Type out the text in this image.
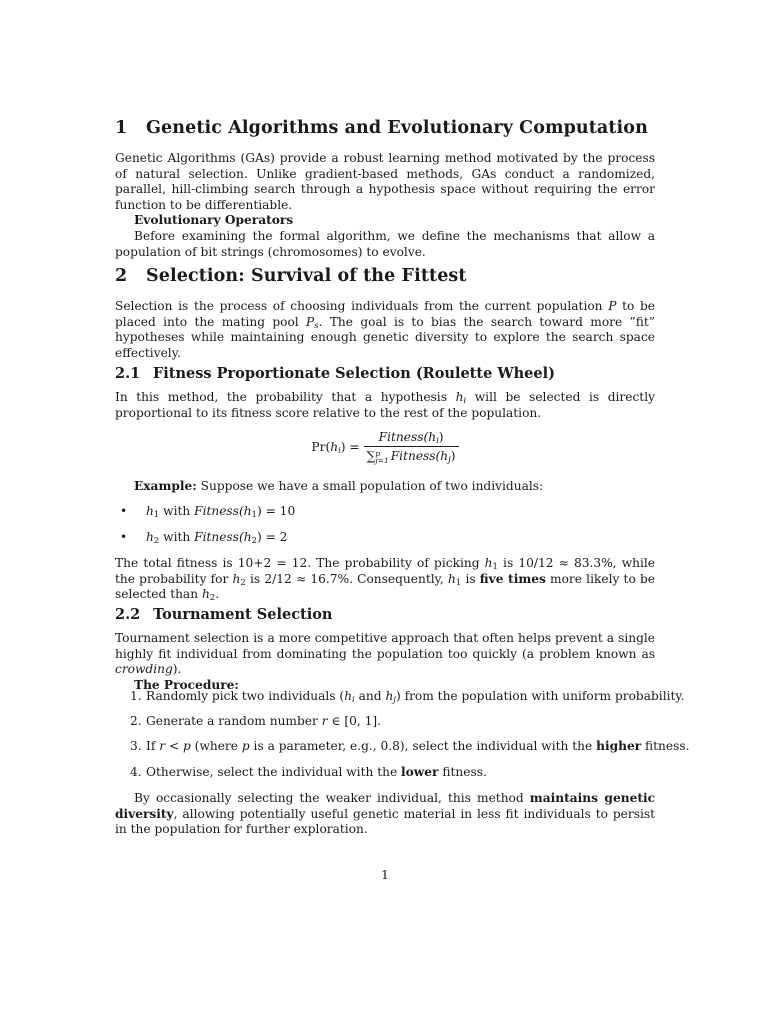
1 Genetic Algorithms and Evolutionary Computation

Genetic Algorithms (GAs) provide a robust learning method motivated by the process of natural selection. Unlike gradient-based methods, GAs conduct a randomized, parallel, hill-climbing search through a hypothesis space without requiring the error function to be differentiable.

Evolutionary Operators
Before examining the formal algorithm, we define the mechanisms that allow a population of bit strings (chromosomes) to evolve.

2 Selection: Survival of the Fittest

Selection is the process of choosing individuals from the current population P to be placed into the mating pool $P_s$. The goal is to bias the search toward more ”fit” hypotheses while maintaining enough genetic diversity to explore the search space effectively.

2.1 Fitness Proportionate Selection (Roulette Wheel)

In this method, the probability that a hypothesis $h_i$ will be selected is directly proportional to its fitness score relative to the rest of the population.

$Pr(h_i)$ = $Fitness(h_i)$
∑ p
j=1 $Fitness(h_j)$

Example: Suppose we have a small population of two individuals:

• $h_1$ with $Fitness(h_1) = 10$
• $h_2$ with $Fitness(h_2) = 2$

The total fitness is 10+2 = 12. The probability of picking $h_1$ is 10/12 ≈ 83.3%, while the probability for $h_2$ is 2/12 ≈ 16.7%. Consequently, $h_1$ is five times more likely to be selected than $h_2$.

2.2 Tournament Selection

Tournament selection is a more competitive approach that often helps prevent a single highly fit individual from dominating the population too quickly (a problem known as crowding).

The Procedure:

1. Randomly pick two individuals ($h_i$ and $h_j$) from the population with uniform probability.
2. Generate a random number r ∈ [0, 1].
3. If r < p (where p is a parameter, e.g., 0.8), select the individual with the higher fitness.
4. Otherwise, select the individual with the lower fitness.

By occasionally selecting the weaker individual, this method maintains genetic diversity, allowing potentially useful genetic material in less fit individuals to persist in the population for further exploration.

1
